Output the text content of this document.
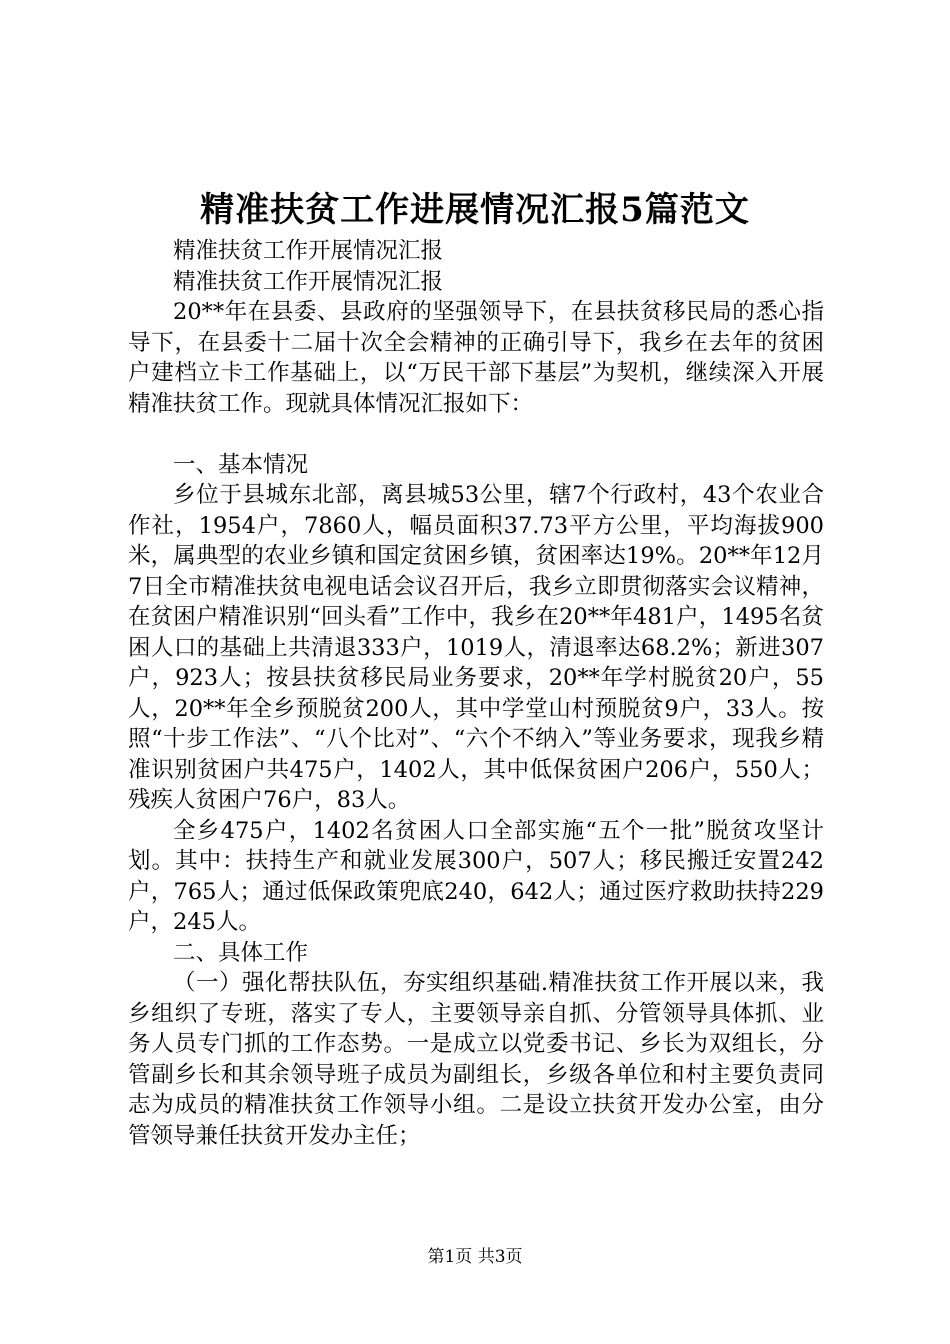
精准扶贫工作进展情况汇报5篇范文

精准扶贫工作开展情况汇报

精准扶贫工作开展情况汇报

20**年在县委、县政府的坚强领导下，在县扶贫移民局的悉心指导下，在县委十二届十次全会精神的正确引导下，我乡在去年的贫困户建档立卡工作基础上，以“万民干部下基层”为契机，继续深入开展精准扶贫工作。现就具体情况汇报如下：

一、基本情况

乡位于县城东北部，离县城53公里，辖7个行政村，43个农业合作社，1954户，7860人，幅员面积37.73平方公里，平均海拔900米，属典型的农业乡镇和国定贫困乡镇，贫困率达19%。20**年12月7日全市精准扶贫电视电话会议召开后，我乡立即贯彻落实会议精神，在贫困户精准识别“回头看”工作中，我乡在20**年481户，1495名贫困人口的基础上共清退333户，1019人，清退率达68.2%；新进307户，923人；按县扶贫移民局业务要求，20**年学村脱贫20户，55人，20**年全乡预脱贫200人，其中学堂山村预脱贫9户，33人。按照“十步工作法”、“八个比对”、“六个不纳入”等业务要求，现我乡精准识别贫困户共475户，1402人，其中低保贫困户206户，550人；残疾人贫困户76户，83人。

全乡475户，1402名贫困人口全部实施“五个一批”脱贫攻坚计划。其中：扶持生产和就业发展300户，507人；移民搬迁安置242户，765人；通过低保政策兜底240，642人；通过医疗救助扶持229户，245人。

二、具体工作

（一）强化帮扶队伍，夯实组织基础.精准扶贫工作开展以来，我乡组织了专班，落实了专人，主要领导亲自抓、分管领导具体抓、业务人员专门抓的工作态势。一是成立以党委书记、乡长为双组长，分管副乡长和其余领导班子成员为副组长，乡级各单位和村主要负责同志为成员的精准扶贫工作领导小组。二是设立扶贫开发办公室，由分管领导兼任扶贫开发办主任；

第1页 共3页
